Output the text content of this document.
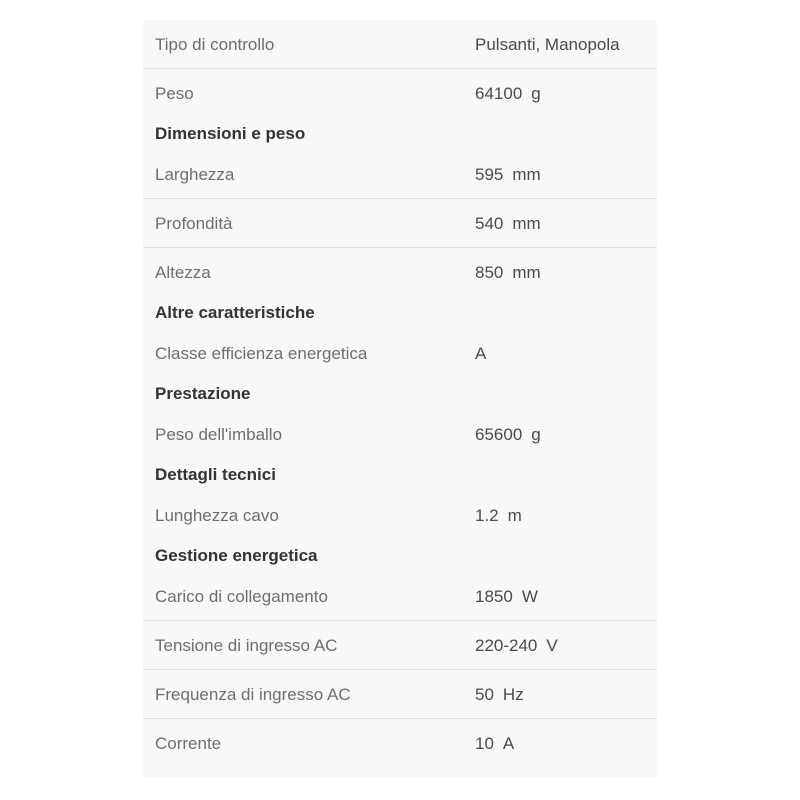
Tipo di controllo	Pulsanti, Manopola
Peso	64100 g
Dimensioni e peso
Larghezza	595 mm
Profondità	540 mm
Altezza	850 mm
Altre caratteristiche
Classe efficienza energetica	A
Prestazione
Peso dell'imballo	65600 g
Dettagli tecnici
Lunghezza cavo	1.2 m
Gestione energetica
Carico di collegamento	1850 W
Tensione di ingresso AC	220-240 V
Frequenza di ingresso AC	50 Hz
Corrente	10 A
